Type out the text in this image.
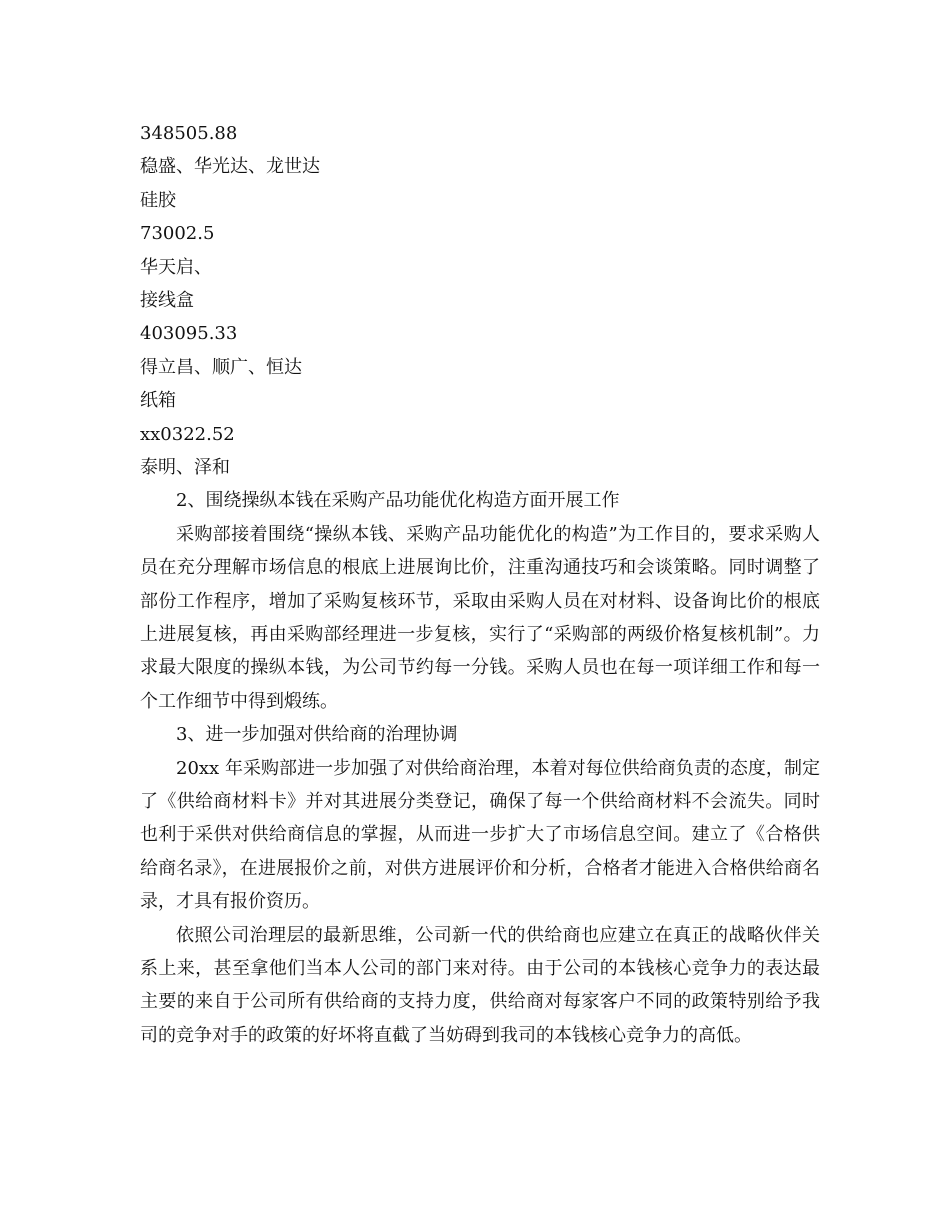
348505.88
稳盛、华光达、龙世达
硅胶
73002.5
华天启、
接线盒
403095.33
得立昌、顺广、恒达
纸箱
xx0322.52
泰明、泽和
2、围绕操纵本钱在采购产品功能优化构造方面开展工作

采购部接着围绕“操纵本钱、采购产品功能优化的构造”为工作目的，要求采购人员在充分理解市场信息的根底上进展询比价，注重沟通技巧和会谈策略。同时调整了部份工作程序，增加了采购复核环节，采取由采购人员在对材料、设备询比价的根底上进展复核，再由采购部经理进一步复核，实行了“采购部的两级价格复核机制”。力求最大限度的操纵本钱，为公司节约每一分钱。采购人员也在每一项详细工作和每一个工作细节中得到煅练。

3、进一步加强对供给商的治理协调

20xx 年采购部进一步加强了对供给商治理，本着对每位供给商负责的态度，制定了《供给商材料卡》并对其进展分类登记，确保了每一个供给商材料不会流失。同时也利于采供对供给商信息的掌握，从而进一步扩大了市场信息空间。建立了《合格供给商名录》，在进展报价之前，对供方进展评价和分析，合格者才能进入合格供给商名录，才具有报价资历。

依照公司治理层的最新思维，公司新一代的供给商也应建立在真正的战略伙伴关系上来，甚至拿他们当本人公司的部门来对待。由于公司的本钱核心竞争力的表达最主要的来自于公司所有供给商的支持力度，供给商对每家客户不同的政策特别给予我司的竞争对手的政策的好坏将直截了当妨碍到我司的本钱核心竞争力的高低。
